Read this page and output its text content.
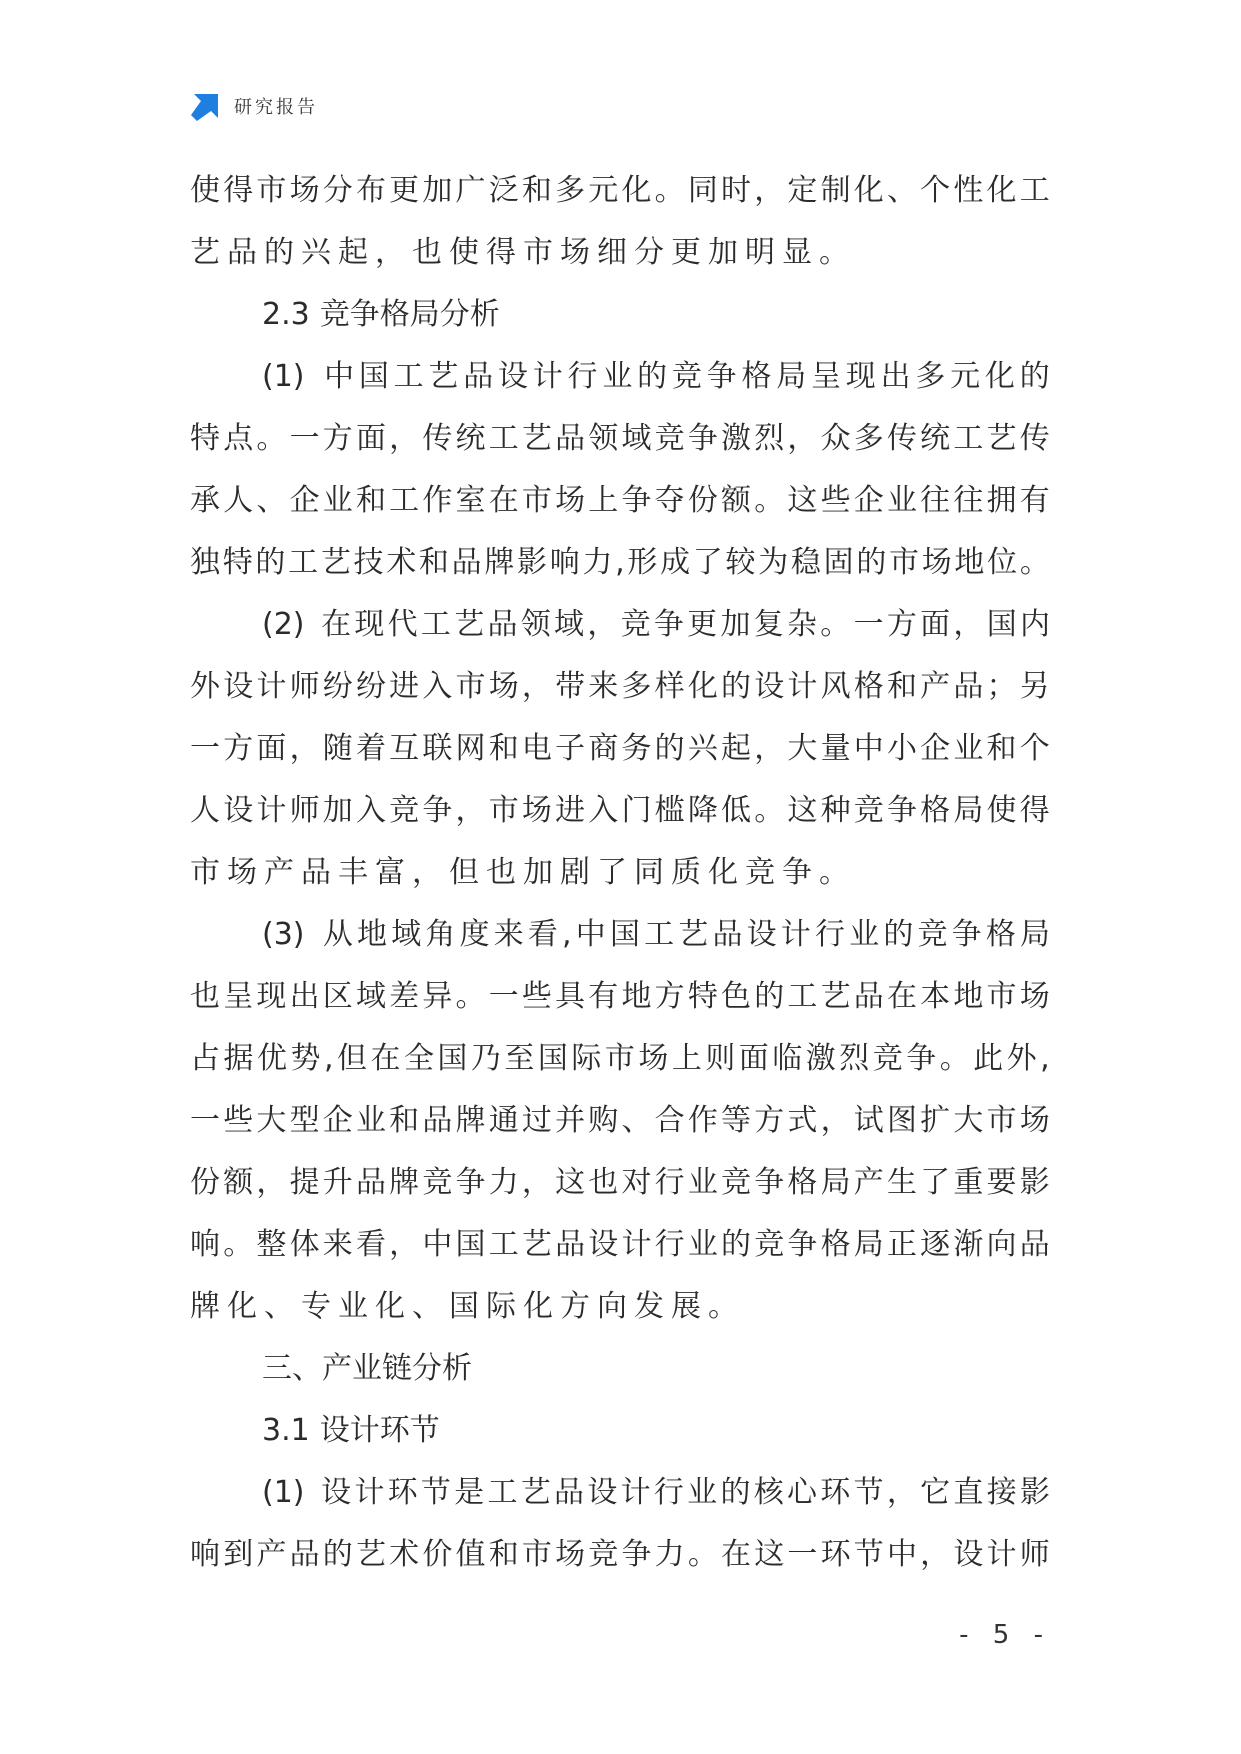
研究报告
使 得 市 场 分 布 更 加 广 泛 和 多 元 化 。 同 时 ， 定 制 化 、 个 性 化 工
艺 品 的 兴 起 ， 也 使 得 市 场 细 分 更 加 明 显 。
2.3 竞 争 格 局 分 析
(1) 中 国 工 艺 品 设 计 行 业 的 竞 争 格 局 呈 现 出 多 元 化 的
特 点 。 一 方 面 ， 传 统 工 艺 品 领 域 竞 争 激 烈 ， 众 多 传 统 工 艺 传
承 人 、 企 业 和 工 作 室 在 市 场 上 争 夺 份 额 。 这 些 企 业 往 往 拥 有
独 特 的 工 艺 技 术 和 品 牌 影 响 力 , 形 成 了 较 为 稳 固 的 市 场 地 位 。
(2) 在 现 代 工 艺 品 领 域 ， 竞 争 更 加 复 杂 。 一 方 面 ， 国 内
外 设 计 师 纷 纷 进 入 市 场 ， 带 来 多 样 化 的 设 计 风 格 和 产 品 ； 另
一 方 面 ， 随 着 互 联 网 和 电 子 商 务 的 兴 起 ， 大 量 中 小 企 业 和 个
人 设 计 师 加 入 竞 争 ， 市 场 进 入 门 槛 降 低 。 这 种 竞 争 格 局 使 得
市 场 产 品 丰 富 ， 但 也 加 剧 了 同 质 化 竞 争 。
(3) 从 地 域 角 度 来 看 , 中 国 工 艺 品 设 计 行 业 的 竞 争 格 局
也 呈 现 出 区 域 差 异 。 一 些 具 有 地 方 特 色 的 工 艺 品 在 本 地 市 场
占 据 优 势 , 但 在 全 国 乃 至 国 际 市 场 上 则 面 临 激 烈 竞 争 。 此 外 ,
一 些 大 型 企 业 和 品 牌 通 过 并 购 、 合 作 等 方 式 ， 试 图 扩 大 市 场
份 额 ， 提 升 品 牌 竞 争 力 ， 这 也 对 行 业 竞 争 格 局 产 生 了 重 要 影
响 。 整 体 来 看 ， 中 国 工 艺 品 设 计 行 业 的 竞 争 格 局 正 逐 渐 向 品
牌 化 、 专 业 化 、 国 际 化 方 向 发 展 。
三 、 产 业 链 分 析
3.1 设 计 环 节
(1) 设 计 环 节 是 工 艺 品 设 计 行 业 的 核 心 环 节 ， 它 直 接 影
响 到 产 品 的 艺 术 价 值 和 市 场 竞 争 力 。 在 这 一 环 节 中 ， 设 计 师
- 5 -
